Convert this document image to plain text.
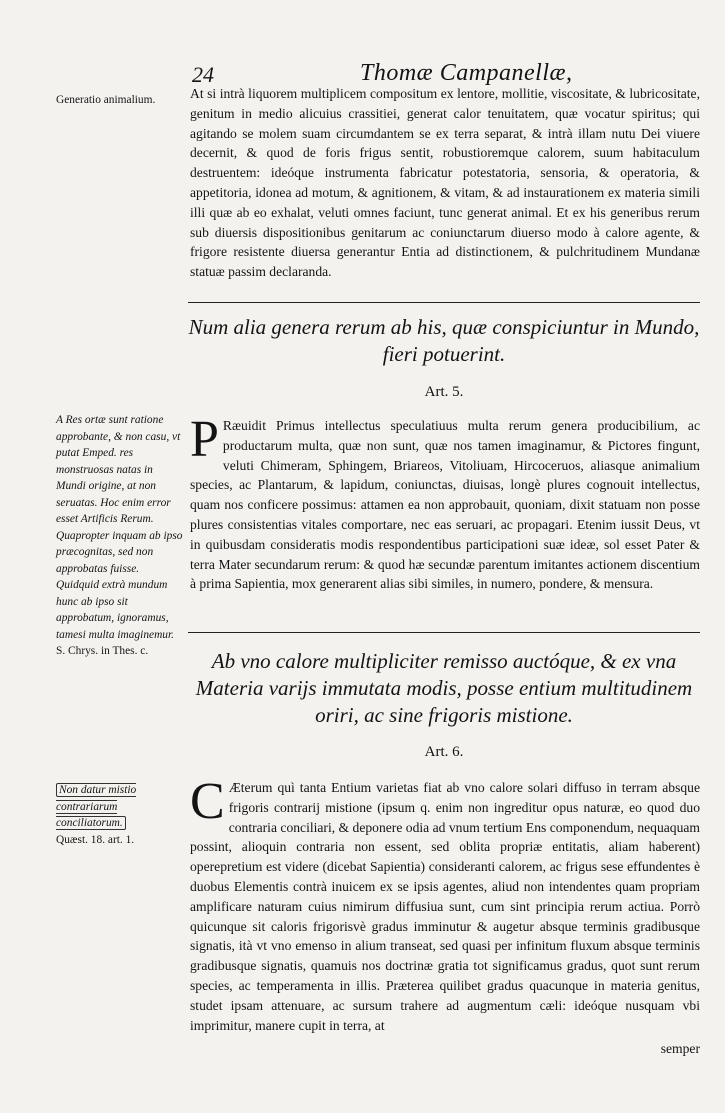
24	Thomæ Campanellæ,
Generatio animalium.	At si intrà liquorem multiplicem compositum ex lentore, mollitie, viscositate, & lubricositate, genitum in medio alicuius crassitiei, generat calor tenuitatem, quæ vocatur spiritus; qui agitando se molem suam circumdantem se ex terra separat, & intrà illam nutu Dei viuere decernit, & quod de foris frigus sentit, robustioremque calorem, suum habitaculum destruentem: ideóque instrumenta fabricatur potestatoria, sensoria, & operatoria, & appetitoria, idonea ad motum, & agnitionem, & vitam, & ad instaurationem ex materia simili illi quæ ab eo exhalat, veluti omnes faciunt, tunc generat animal. Et ex his generibus rerum sub diuersis dispositionibus genitarum ac coniunctarum diuerso modo à calore agente, & frigore resistente diuersa generantur Entia ad distinctionem, & pulchritudinem Mundanæ statuæ passim declaranda.

Num alia genera rerum ab his, quæ conspiciuntur in Mundo, fieri potuerint.
Art. 5.
A Res ortæ sunt ratione approbante, & non casu, vt putat Emped. res monstruosas natas in Mundi origine, at non seruatas. Hoc enim error esset Artificis Rerum. Quapropter inquam ab ipso præcognitas, sed non approbatas fuisse. Quidquid extrà mundum hunc ab ipso sit approbatum, ignoramus, tamesi multa imaginemur.
S. Chrys. in Thes. c.

P Ræuidit Primus intellectus speculatiuus multa rerum genera producibilium, ac productarum multa, quæ non sunt, quæ nos tamen imaginamur, & Pictores fingunt, veluti Chimeram, Sphingem, Briareos, Vitoliuam, Hircoceruos, aliasque animalium species, ac Plantarum, & lapidum, coniunctas, diuisas, longè plures cognouit intellectus, quam nos conficere possimus: attamen ea non approbauit, quoniam, dixit statuam non posse plures consistentias vitales comportare, nec eas seruari, ac propagari. Etenim iussit Deus, vt in quibusdam consideratis modis respondentibus participationi suæ ideæ, sol esset Pater & terra Mater secundarum rerum: & quod hæ secundæ parentum imitantes actionem discentium à prima Sapientia, mox generarent alias sibi similes, in numero, pondere, & mensura.

Ab vno calore multipliciter remisso auctóque, & ex vna Materia varijs immutata modis, posse entium multitudinem oriri, ac sine frigoris mistione.
Art. 6.
Non datur mistio contrariarum conciliatorum.
Quæst. 18. art. 1.

C Æterum quì tanta Entium varietas fiat ab vno calore solari diffuso in terram absque frigoris contrarij mistione (ipsum q. enim non ingreditur opus naturæ, eo quod duo contraria conciliari, & deponere odia ad vnum tertium Ens componendum, nequaquam possint, alioquin contraria non essent, sed oblita propriæ entitatis, aliam haberent) operepretium est videre (dicebat Sapientia) consideranti calorem, ac frigus sese effundentes è duobus Elementis contrà inuicem ex se ipsis agentes, aliud non intendentes quam propriam amplificare naturam cuius nimirum diffusiua sunt, cum sint principia rerum actiua. Porrò quicunque sit caloris frigorisvè gradus imminutur & augetur absque terminis gradibusque signatis, ità vt vno emenso in alium transeat, sed quasi per infinitum fluxum absque terminis gradibusque signatis, quamuis nos doctrinæ gratia tot significamus gradus, quot sunt rerum species, ac temperamenta in illis. Præterea quilibet gradus quacunque in materia genitus, studet ipsam attenuare, ac sursum trahere ad augmentum cæli: ideóque nusquam vbi imprimitur, manere cupit in terra, at

semper
